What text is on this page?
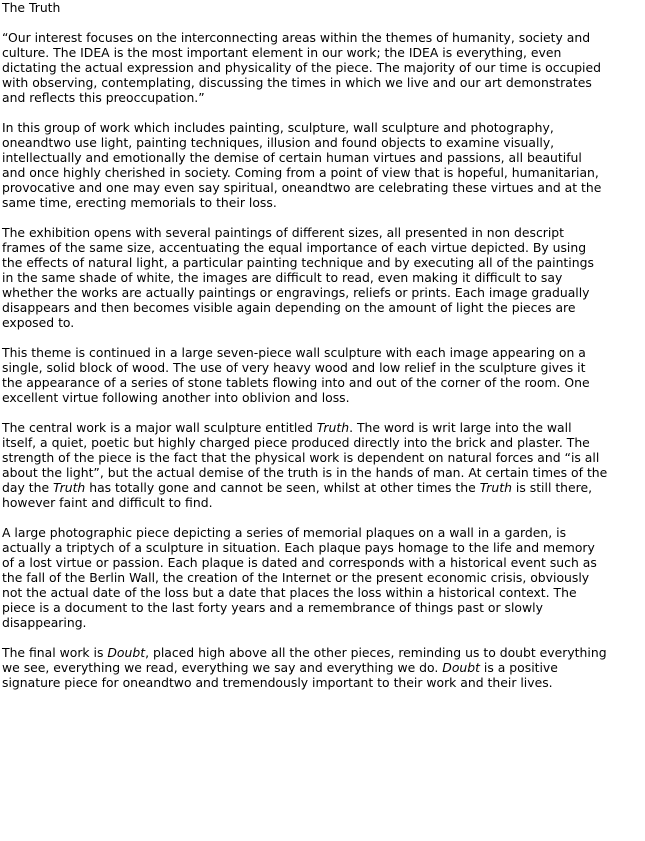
The Truth

“Our interest focuses on the interconnecting areas within the themes of humanity, society and culture. The IDEA is the most important element in our work; the IDEA is everything, even dictating the actual expression and physicality of the piece. The majority of our time is occupied with observing, contemplating, discussing the times in which we live and our art demonstrates and reflects this preoccupation.”

In this group of work which includes painting, sculpture, wall sculpture and photography, oneandtwo use light, painting techniques, illusion and found objects to examine visually, intellectually and emotionally the demise of certain human virtues and passions, all beautiful and once highly cherished in society. Coming from a point of view that is hopeful, humanitarian, provocative and one may even say spiritual, oneandtwo are celebrating these virtues and at the same time, erecting memorials to their loss.

The exhibition opens with several paintings of different sizes, all presented in non descript frames of the same size, accentuating the equal importance of each virtue depicted. By using the effects of natural light, a particular painting technique and by executing all of the paintings in the same shade of white, the images are difficult to read, even making it difficult to say whether the works are actually paintings or engravings, reliefs or prints. Each image gradually disappears and then becomes visible again depending on the amount of light the pieces are exposed to.

This theme is continued in a large seven-piece wall sculpture with each image appearing on a single, solid block of wood. The use of very heavy wood and low relief in the sculpture gives it the appearance of a series of stone tablets flowing into and out of the corner of the room. One excellent virtue following another into oblivion and loss.

The central work is a major wall sculpture entitled Truth. The word is writ large into the wall itself, a quiet, poetic but highly charged piece produced directly into the brick and plaster. The strength of the piece is the fact that the physical work is dependent on natural forces and “is all about the light”, but the actual demise of the truth is in the hands of man. At certain times of the day the Truth has totally gone and cannot be seen, whilst at other times the Truth is still there, however faint and difficult to find.

A large photographic piece depicting a series of memorial plaques on a wall in a garden, is actually a triptych of a sculpture in situation. Each plaque pays homage to the life and memory of a lost virtue or passion. Each plaque is dated and corresponds with a historical event such as the fall of the Berlin Wall, the creation of the Internet or the present economic crisis, obviously not the actual date of the loss but a date that places the loss within a historical context. The piece is a document to the last forty years and a remembrance of things past or slowly disappearing.

The final work is Doubt, placed high above all the other pieces, reminding us to doubt everything we see, everything we read, everything we say and everything we do. Doubt is a positive signature piece for oneandtwo and tremendously important to their work and their lives.
